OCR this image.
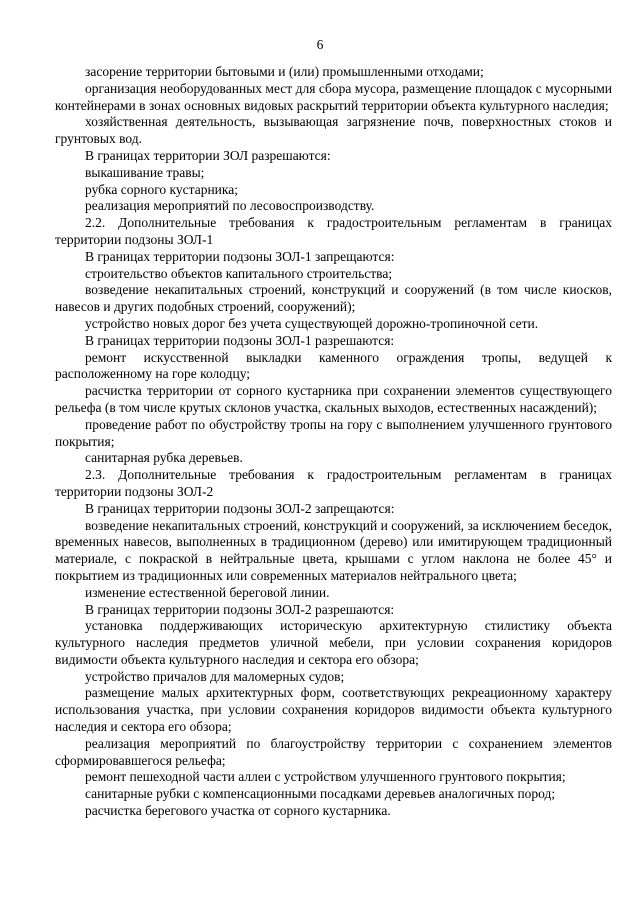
6

засорение территории бытовыми и (или) промышленными отходами;

организация необорудованных мест для сбора мусора, размещение площадок с мусорными контейнерами в зонах основных видовых раскрытий территории объекта культурного наследия;

хозяйственная деятельность, вызывающая загрязнение почв, поверхностных стоков и грунтовых вод.

В границах территории ЗОЛ разрешаются:

выкашивание травы;

рубка сорного кустарника;

реализация мероприятий по лесовоспроизводству.

2.2. Дополнительные требования к градостроительным регламентам в границах территории подзоны ЗОЛ-1

В границах территории подзоны ЗОЛ-1 запрещаются:

строительство объектов капитального строительства;

возведение некапитальных строений, конструкций и сооружений (в том числе киосков, навесов и других подобных строений, сооружений);

устройство новых дорог без учета существующей дорожно-тропиночной сети.

В границах территории подзоны ЗОЛ-1 разрешаются:

ремонт искусственной выкладки каменного ограждения тропы, ведущей к расположенному на горе колодцу;

расчистка территории от сорного кустарника при сохранении элементов существующего рельефа (в том числе крутых склонов участка, скальных выходов, естественных насаждений);

проведение работ по обустройству тропы на гору с выполнением улучшенного грунтового покрытия;

санитарная рубка деревьев.

2.3. Дополнительные требования к градостроительным регламентам в границах территории подзоны ЗОЛ-2

В границах территории подзоны ЗОЛ-2 запрещаются:

возведение некапитальных строений, конструкций и сооружений, за исключением беседок, временных навесов, выполненных в традиционном (дерево) или имитирующем традиционный материале, с покраской в нейтральные цвета, крышами с углом наклона не более 45° и покрытием из традиционных или современных материалов нейтрального цвета;

изменение естественной береговой линии.

В границах территории подзоны ЗОЛ-2 разрешаются:

установка поддерживающих историческую архитектурную стилистику объекта культурного наследия предметов уличной мебели, при условии сохранения коридоров видимости объекта культурного наследия и сектора его обзора;

устройство причалов для маломерных судов;

размещение малых архитектурных форм, соответствующих рекреационному характеру использования участка, при условии сохранения коридоров видимости объекта культурного наследия и сектора его обзора;

реализация мероприятий по благоустройству территории с сохранением элементов сформировавшегося рельефа;

ремонт пешеходной части аллеи с устройством улучшенного грунтового покрытия;

санитарные рубки с компенсационными посадками деревьев аналогичных пород;

расчистка берегового участка от сорного кустарника.
